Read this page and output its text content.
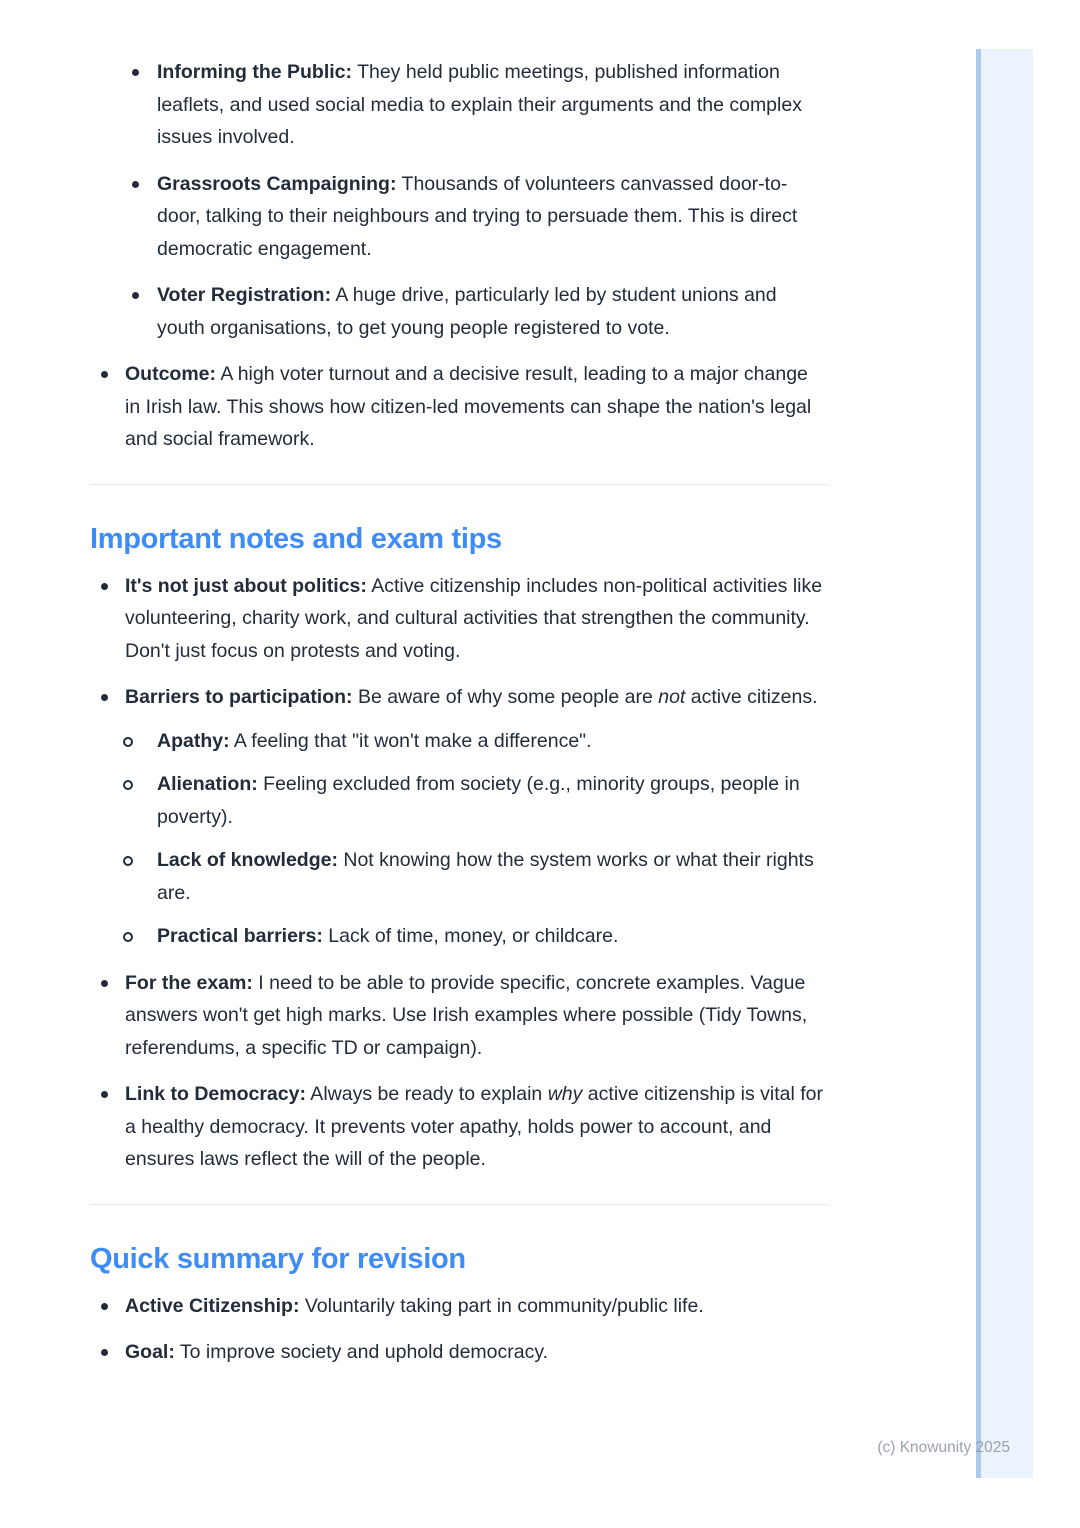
Informing the Public: They held public meetings, published information leaflets, and used social media to explain their arguments and the complex issues involved.
Grassroots Campaigning: Thousands of volunteers canvassed door-to-door, talking to their neighbours and trying to persuade them. This is direct democratic engagement.
Voter Registration: A huge drive, particularly led by student unions and youth organisations, to get young people registered to vote.
Outcome: A high voter turnout and a decisive result, leading to a major change in Irish law. This shows how citizen-led movements can shape the nation's legal and social framework.
Important notes and exam tips
It's not just about politics: Active citizenship includes non-political activities like volunteering, charity work, and cultural activities that strengthen the community. Don't just focus on protests and voting.
Barriers to participation: Be aware of why some people are not active citizens.
Apathy: A feeling that "it won't make a difference".
Alienation: Feeling excluded from society (e.g., minority groups, people in poverty).
Lack of knowledge: Not knowing how the system works or what their rights are.
Practical barriers: Lack of time, money, or childcare.
For the exam: I need to be able to provide specific, concrete examples. Vague answers won't get high marks. Use Irish examples where possible (Tidy Towns, referendums, a specific TD or campaign).
Link to Democracy: Always be ready to explain why active citizenship is vital for a healthy democracy. It prevents voter apathy, holds power to account, and ensures laws reflect the will of the people.
Quick summary for revision
Active Citizenship: Voluntarily taking part in community/public life.
Goal: To improve society and uphold democracy.
(c) Knowunity 2025
